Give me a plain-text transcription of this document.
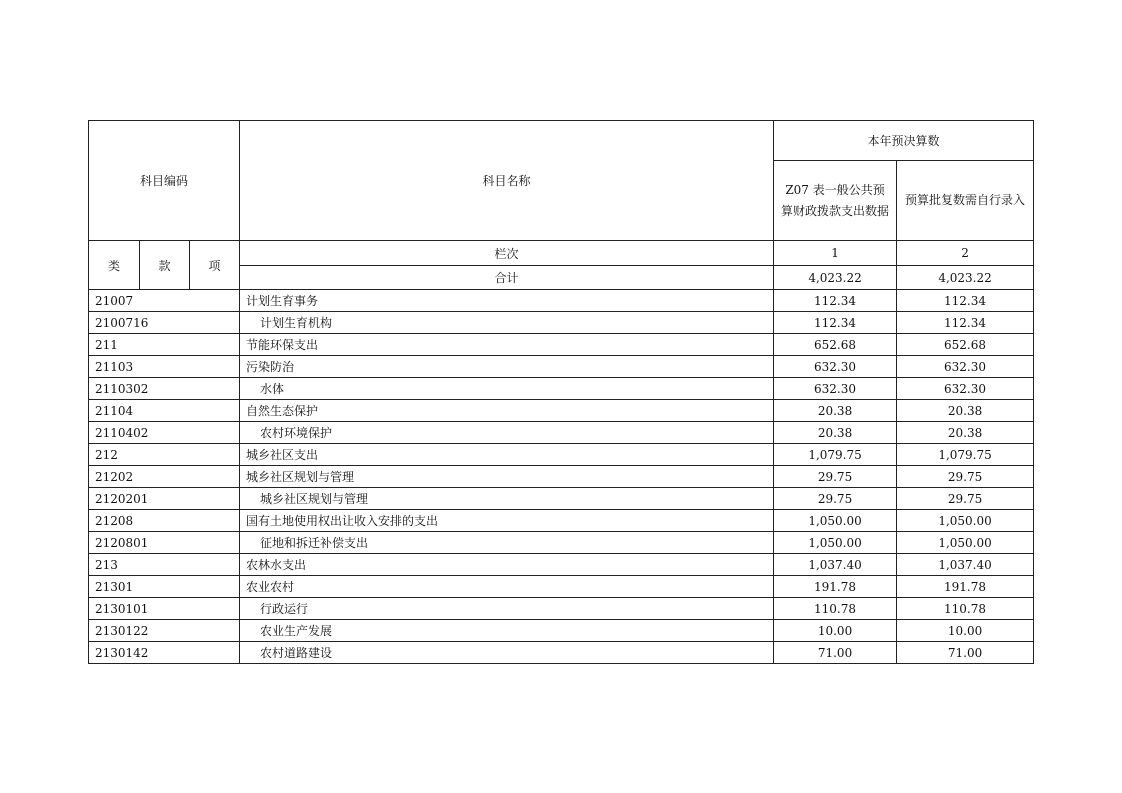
科目编码			科目名称	本年预决算数	
				Z07 表一般公共预算财政拨款支出数据	预算批复数需自行录入
类	款	项	栏次	1	2
			合计	4,023.22	4,023.22
21007			计划生育事务	112.34	112.34
2100716			计划生育机构	112.34	112.34
211			节能环保支出	652.68	652.68
21103			污染防治	632.30	632.30
2110302			水体	632.30	632.30
21104			自然生态保护	20.38	20.38
2110402			农村环境保护	20.38	20.38
212			城乡社区支出	1,079.75	1,079.75
21202			城乡社区规划与管理	29.75	29.75
2120201			城乡社区规划与管理	29.75	29.75
21208			国有土地使用权出让收入安排的支出	1,050.00	1,050.00
2120801			征地和拆迁补偿支出	1,050.00	1,050.00
213			农林水支出	1,037.40	1,037.40
21301			农业农村	191.78	191.78
2130101			行政运行	110.78	110.78
2130122			农业生产发展	10.00	10.00
2130142			农村道路建设	71.00	71.00
